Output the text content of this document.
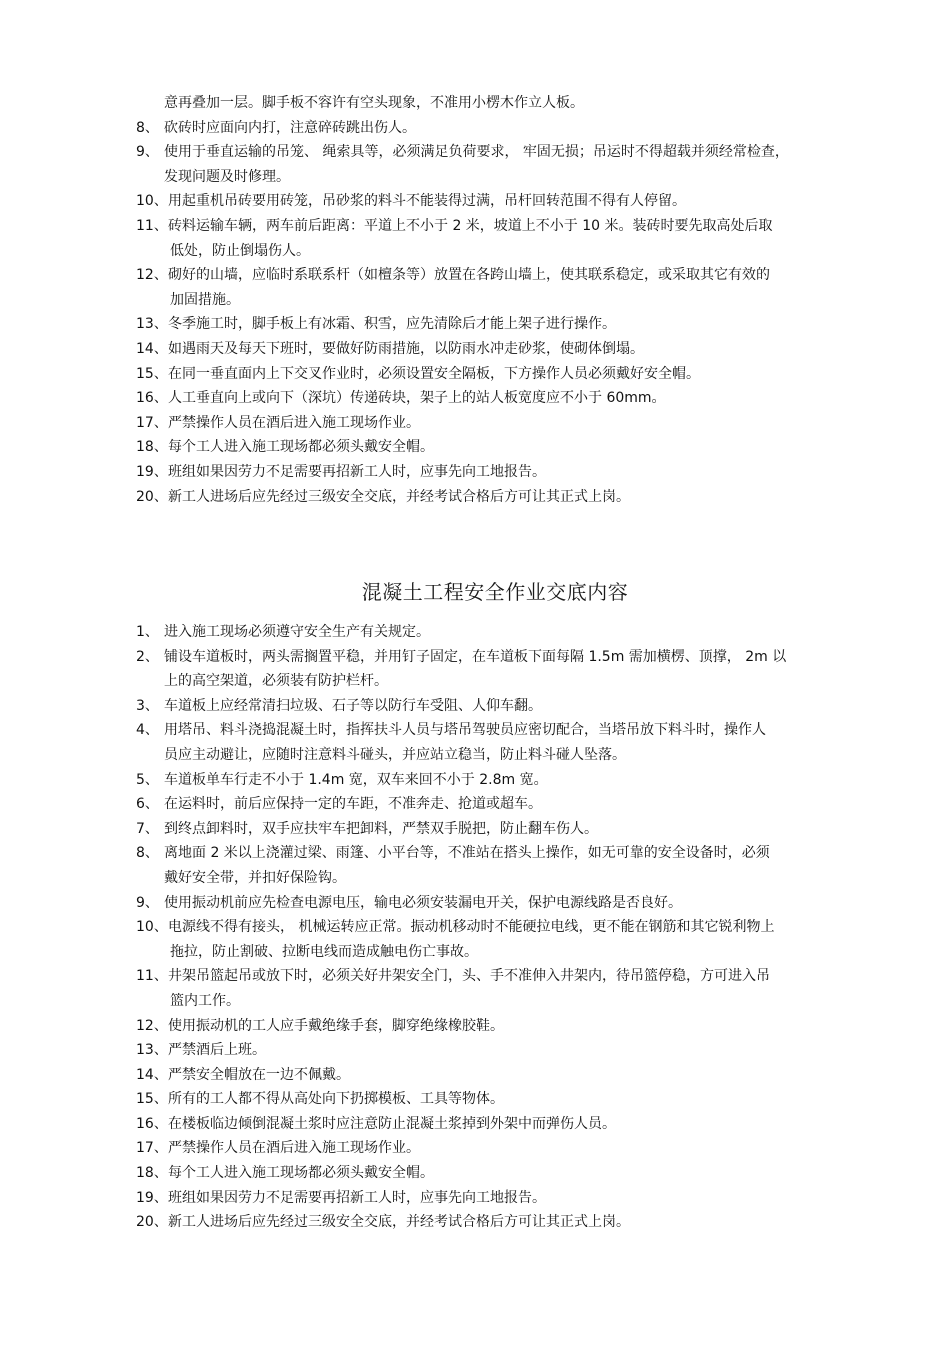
意再叠加一层。脚手板不容许有空头现象，不准用小楞木作立人板。
8、 砍砖时应面向内打，注意碎砖跳出伤人。
9、 使用于垂直运输的吊笼、 绳索具等，必须满足负荷要求， 牢固无损；吊运时不得超载并须经常检查，
发现问题及时修理。
10、 用起重机吊砖要用砖笼，吊砂浆的料斗不能装得过满，吊杆回转范围不得有人停留。
11、 砖料运输车辆，两车前后距离：平道上不小于 2 米，坡道上不小于 10 米。装砖时要先取高处后取
低处，防止倒塌伤人。
12、 砌好的山墙，应临时系联系杆（如檀条等）放置在各跨山墙上，使其联系稳定，或采取其它有效的
加固措施。
13、 冬季施工时，脚手板上有冰霜、积雪，应先清除后才能上架子进行操作。
14、 如遇雨天及每天下班时，要做好防雨措施，以防雨水冲走砂浆，使砌体倒塌。
15、 在同一垂直面内上下交叉作业时，必须设置安全隔板，下方操作人员必须戴好安全帽。
16、 人工垂直向上或向下（深坑）传递砖块，架子上的站人板宽度应不小于 60mm。
17、 严禁操作人员在酒后进入施工现场作业。
18、 每个工人进入施工现场都必须头戴安全帽。
19、 班组如果因劳力不足需要再招新工人时，应事先向工地报告。
20、 新工人进场后应先经过三级安全交底，并经考试合格后方可让其正式上岗。
混凝土工程安全作业交底内容
1、 进入施工现场必须遵守安全生产有关规定。
2、 铺设车道板时，两头需搁置平稳，并用钉子固定，在车道板下面每隔 1.5m 需加横楞、顶撑， 2m 以
上的高空架道，必须装有防护栏杆。
3、 车道板上应经常清扫垃圾、石子等以防行车受阻、人仰车翻。
4、 用塔吊、料斗浇捣混凝土时，指挥扶斗人员与塔吊驾驶员应密切配合，当塔吊放下料斗时，操作人
员应主动避让，应随时注意料斗碰头，并应站立稳当，防止料斗碰人坠落。
5、 车道板单车行走不小于 1.4m 宽，双车来回不小于 2.8m 宽。
6、 在运料时，前后应保持一定的车距，不准奔走、抢道或超车。
7、 到终点卸料时，双手应扶牢车把卸料，严禁双手脱把，防止翻车伤人。
8、 离地面 2 米以上浇灌过梁、雨篷、小平台等，不准站在搭头上操作，如无可靠的安全设备时，必须
戴好安全带，并扣好保险钩。
9、 使用振动机前应先检查电源电压，输电必须安装漏电开关，保护电源线路是否良好。
10、 电源线不得有接头， 机械运转应正常。振动机移动时不能硬拉电线，更不能在钢筋和其它锐利物上
拖拉，防止割破、拉断电线而造成触电伤亡事故。
11、 井架吊篮起吊或放下时，必须关好井架安全门，头、手不准伸入井架内，待吊篮停稳，方可进入吊
篮内工作。
12、 使用振动机的工人应手戴绝缘手套，脚穿绝缘橡胶鞋。
13、 严禁酒后上班。
14、 严禁安全帽放在一边不佩戴。
15、 所有的工人都不得从高处向下扔掷模板、工具等物体。
16、 在楼板临边倾倒混凝土浆时应注意防止混凝土浆掉到外架中而弹伤人员。
17、 严禁操作人员在酒后进入施工现场作业。
18、 每个工人进入施工现场都必须头戴安全帽。
19、 班组如果因劳力不足需要再招新工人时，应事先向工地报告。
20、 新工人进场后应先经过三级安全交底，并经考试合格后方可让其正式上岗。
